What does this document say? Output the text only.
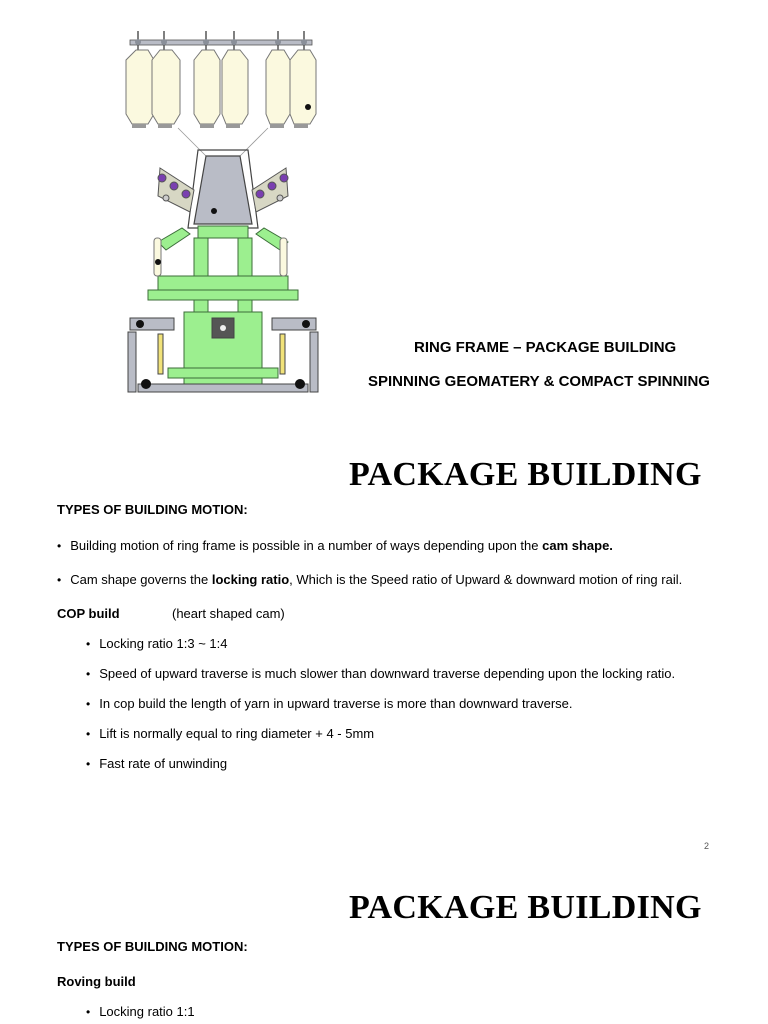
RING FRAME – PACKAGE BUILDING
SPINNING GEOMATERY & COMPACT SPINNING
PACKAGE BUILDING
TYPES OF BUILDING MOTION:
• Building motion of ring frame is possible in a number of ways depending upon the cam shape.
• Cam shape governs the locking ratio, Which is the Speed ratio of Upward & downward motion of ring rail.
COP build	(heart shaped cam)
• Locking ratio 1:3 ~ 1:4
• Speed of upward traverse is much slower than downward traverse depending upon the locking ratio.
• In cop build the length of yarn in upward traverse is more than downward traverse.
• Lift is normally equal to ring diameter + 4 - 5mm
• Fast rate of unwinding
2
PACKAGE BUILDING
TYPES OF BUILDING MOTION:
Roving build
• Locking ratio 1:1
